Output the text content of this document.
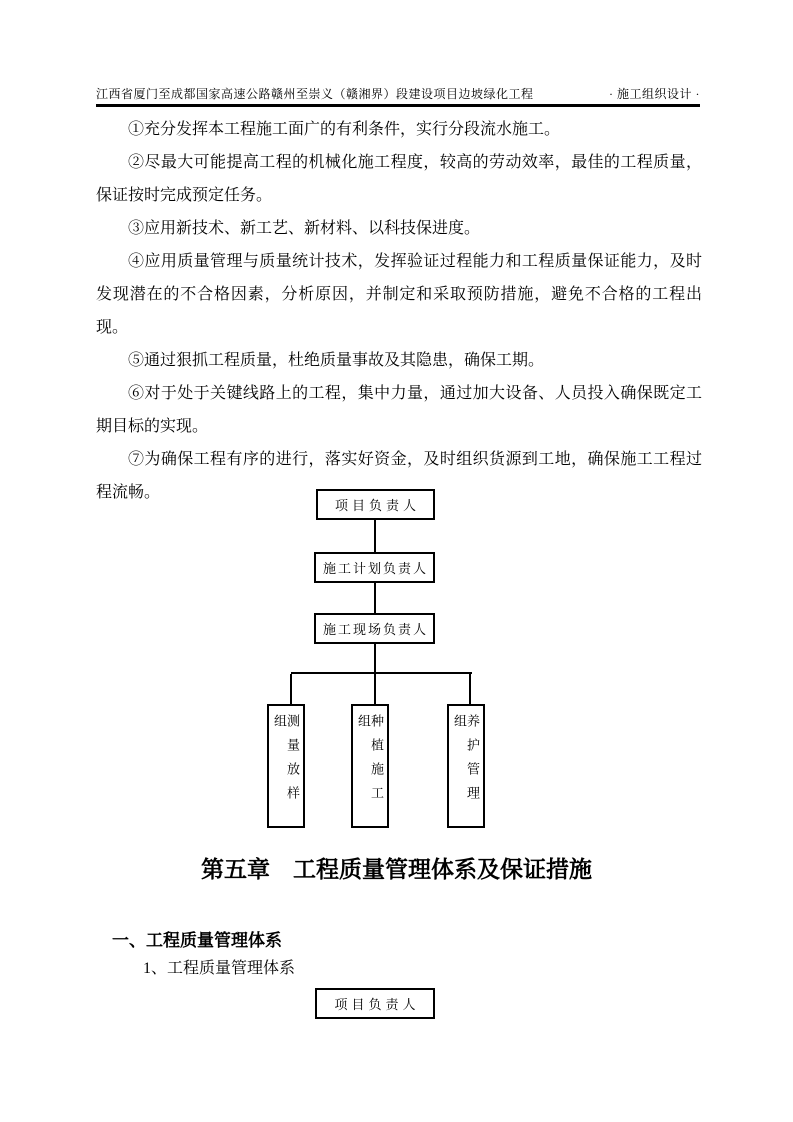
江西省厦门至成都国家高速公路赣州至崇义（赣湘界）段建设项目边坡绿化工程	· 施工组织设计 ·

①充分发挥本工程施工面广的有利条件，实行分段流水施工。

②尽最大可能提高工程的机械化施工程度，较高的劳动效率，最佳的工程质量，保证按时完成预定任务。

③应用新技术、新工艺、新材料、以科技保进度。

④应用质量管理与质量统计技术，发挥验证过程能力和工程质量保证能力，及时发现潜在的不合格因素，分析原因，并制定和采取预防措施，避免不合格的工程出现。

⑤通过狠抓工程质量，杜绝质量事故及其隐患，确保工期。

⑥对于处于关键线路上的工程，集中力量，通过加大设备、人员投入确保既定工期目标的实现。

⑦为确保工程有序的进行，落实好资金，及时组织货源到工地，确保施工工程过程流畅。

项目负责人
施工计划负责人
施工现场负责人
测量放样组	种植施工组	养护管理组
第五章　工程质量管理体系及保证措施
一、工程质量管理体系
1、工程质量管理体系
项目负责人
